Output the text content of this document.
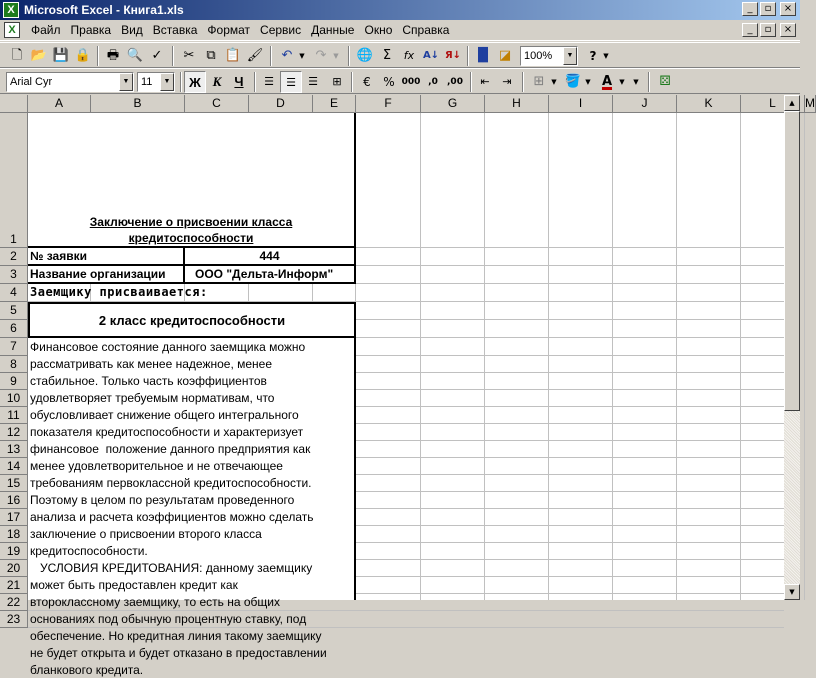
X Microsoft Excel - Книга1.xls	_	▫	×
X	Файл Правка Вид Вставка Формат Сервис Данные Окно Справка	_	▫	×
🗋 📂 💾 🔒	🖶 🔍 ✓	✂ ⧉ 📋 🖌	↶ ▼ ↷ ▼ 🌐 Σ	fx А↓ Я↓ ▐▌ ◪	100%	▼	? ▼
Arial Cyr	▼	11	▼	Ж К	Ч	☰	☰	☰	⊞	€	% 000 ,0	,00	⇤	⇥	⊞ ▼ 🪣 ▼ A	▼	▼	⚄
A	B	C	D	E	F	G	H	I	J	K	L	M
1
2
3
4
5
6
7
8
9
10
11
12
13
14
15
16
17
18
19
20
21
22
23
Заключение о присвоении класса
кредитоспособности
№ заявки	444
Название организации	ООО "Дельта-Информ"
Заемщику присваивается:
2 класс кредитоспособности
Финансовое состояние данного заемщика можно
рассматривать как менее надежное, менее
стабильное. Только часть коэффициентов
удовлетворяет требуемым нормативам, что
обусловливает снижение общего интегрального
показателя кредитоспособности и характеризует
финансовое  положение данного предприятия как
менее удовлетворительное и не отвечающее
требованиям первоклассной кредитоспособности.
Поэтому в целом по результатам проведенного
анализа и расчета коэффициентов можно сделать
заключение о присвоении второго класса
кредитоспособности.
УСЛОВИЯ КРЕДИТОВАНИЯ: данному заемщику
может быть предоставлен кредит как
второклассному заемщику, то есть на общих
основаниях под обычную процентную ставку, под
обеспечение. Но кредитная линия такому заемщику
не будет открыта и будет отказано в предоставлении
бланкового кредита.
▲
▼
